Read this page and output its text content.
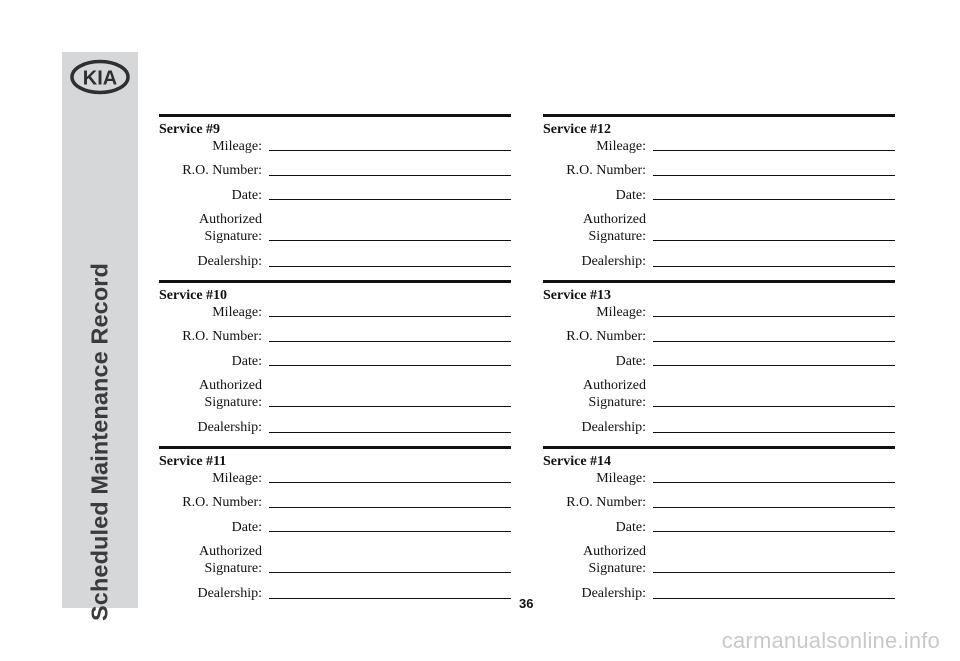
KIA
Scheduled Maintenance Record
Service #9
Mileage:
R.O. Number:
Date:
Authorized
Signature:
Dealership:
Service #10
Mileage:
R.O. Number:
Date:
Authorized
Signature:
Dealership:
Service #11
Mileage:
R.O. Number:
Date:
Authorized
Signature:
Dealership:
Service #12
Mileage:
R.O. Number:
Date:
Authorized
Signature:
Dealership:
Service #13
Mileage:
R.O. Number:
Date:
Authorized
Signature:
Dealership:
Service #14
Mileage:
R.O. Number:
Date:
Authorized
Signature:
Dealership:
36
carmanualsonline.info
